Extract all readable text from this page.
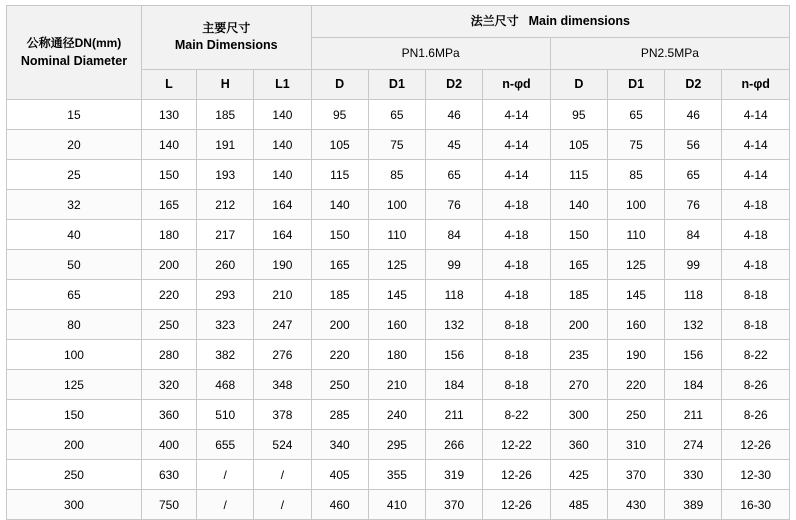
公称通径DN(mm)
Nominal Diameter	主要尺寸
Main Dimensions			法兰尺寸 Main dimensions							
				PN1.6MPa				PN2.5MPa			
	L	H	L1	D	D1	D2	n-φd	D	D1	D2	n-φd
15	130	185	140	95	65	46	4-14	95	65	46	4-14
20	140	191	140	105	75	45	4-14	105	75	56	4-14
25	150	193	140	115	85	65	4-14	115	85	65	4-14
32	165	212	164	140	100	76	4-18	140	100	76	4-18
40	180	217	164	150	110	84	4-18	150	110	84	4-18
50	200	260	190	165	125	99	4-18	165	125	99	4-18
65	220	293	210	185	145	118	4-18	185	145	118	8-18
80	250	323	247	200	160	132	8-18	200	160	132	8-18
100	280	382	276	220	180	156	8-18	235	190	156	8-22
125	320	468	348	250	210	184	8-18	270	220	184	8-26
150	360	510	378	285	240	211	8-22	300	250	211	8-26
200	400	655	524	340	295	266	12-22	360	310	274	12-26
250	630	/	/	405	355	319	12-26	425	370	330	12-30
300	750	/	/	460	410	370	12-26	485	430	389	16-30
